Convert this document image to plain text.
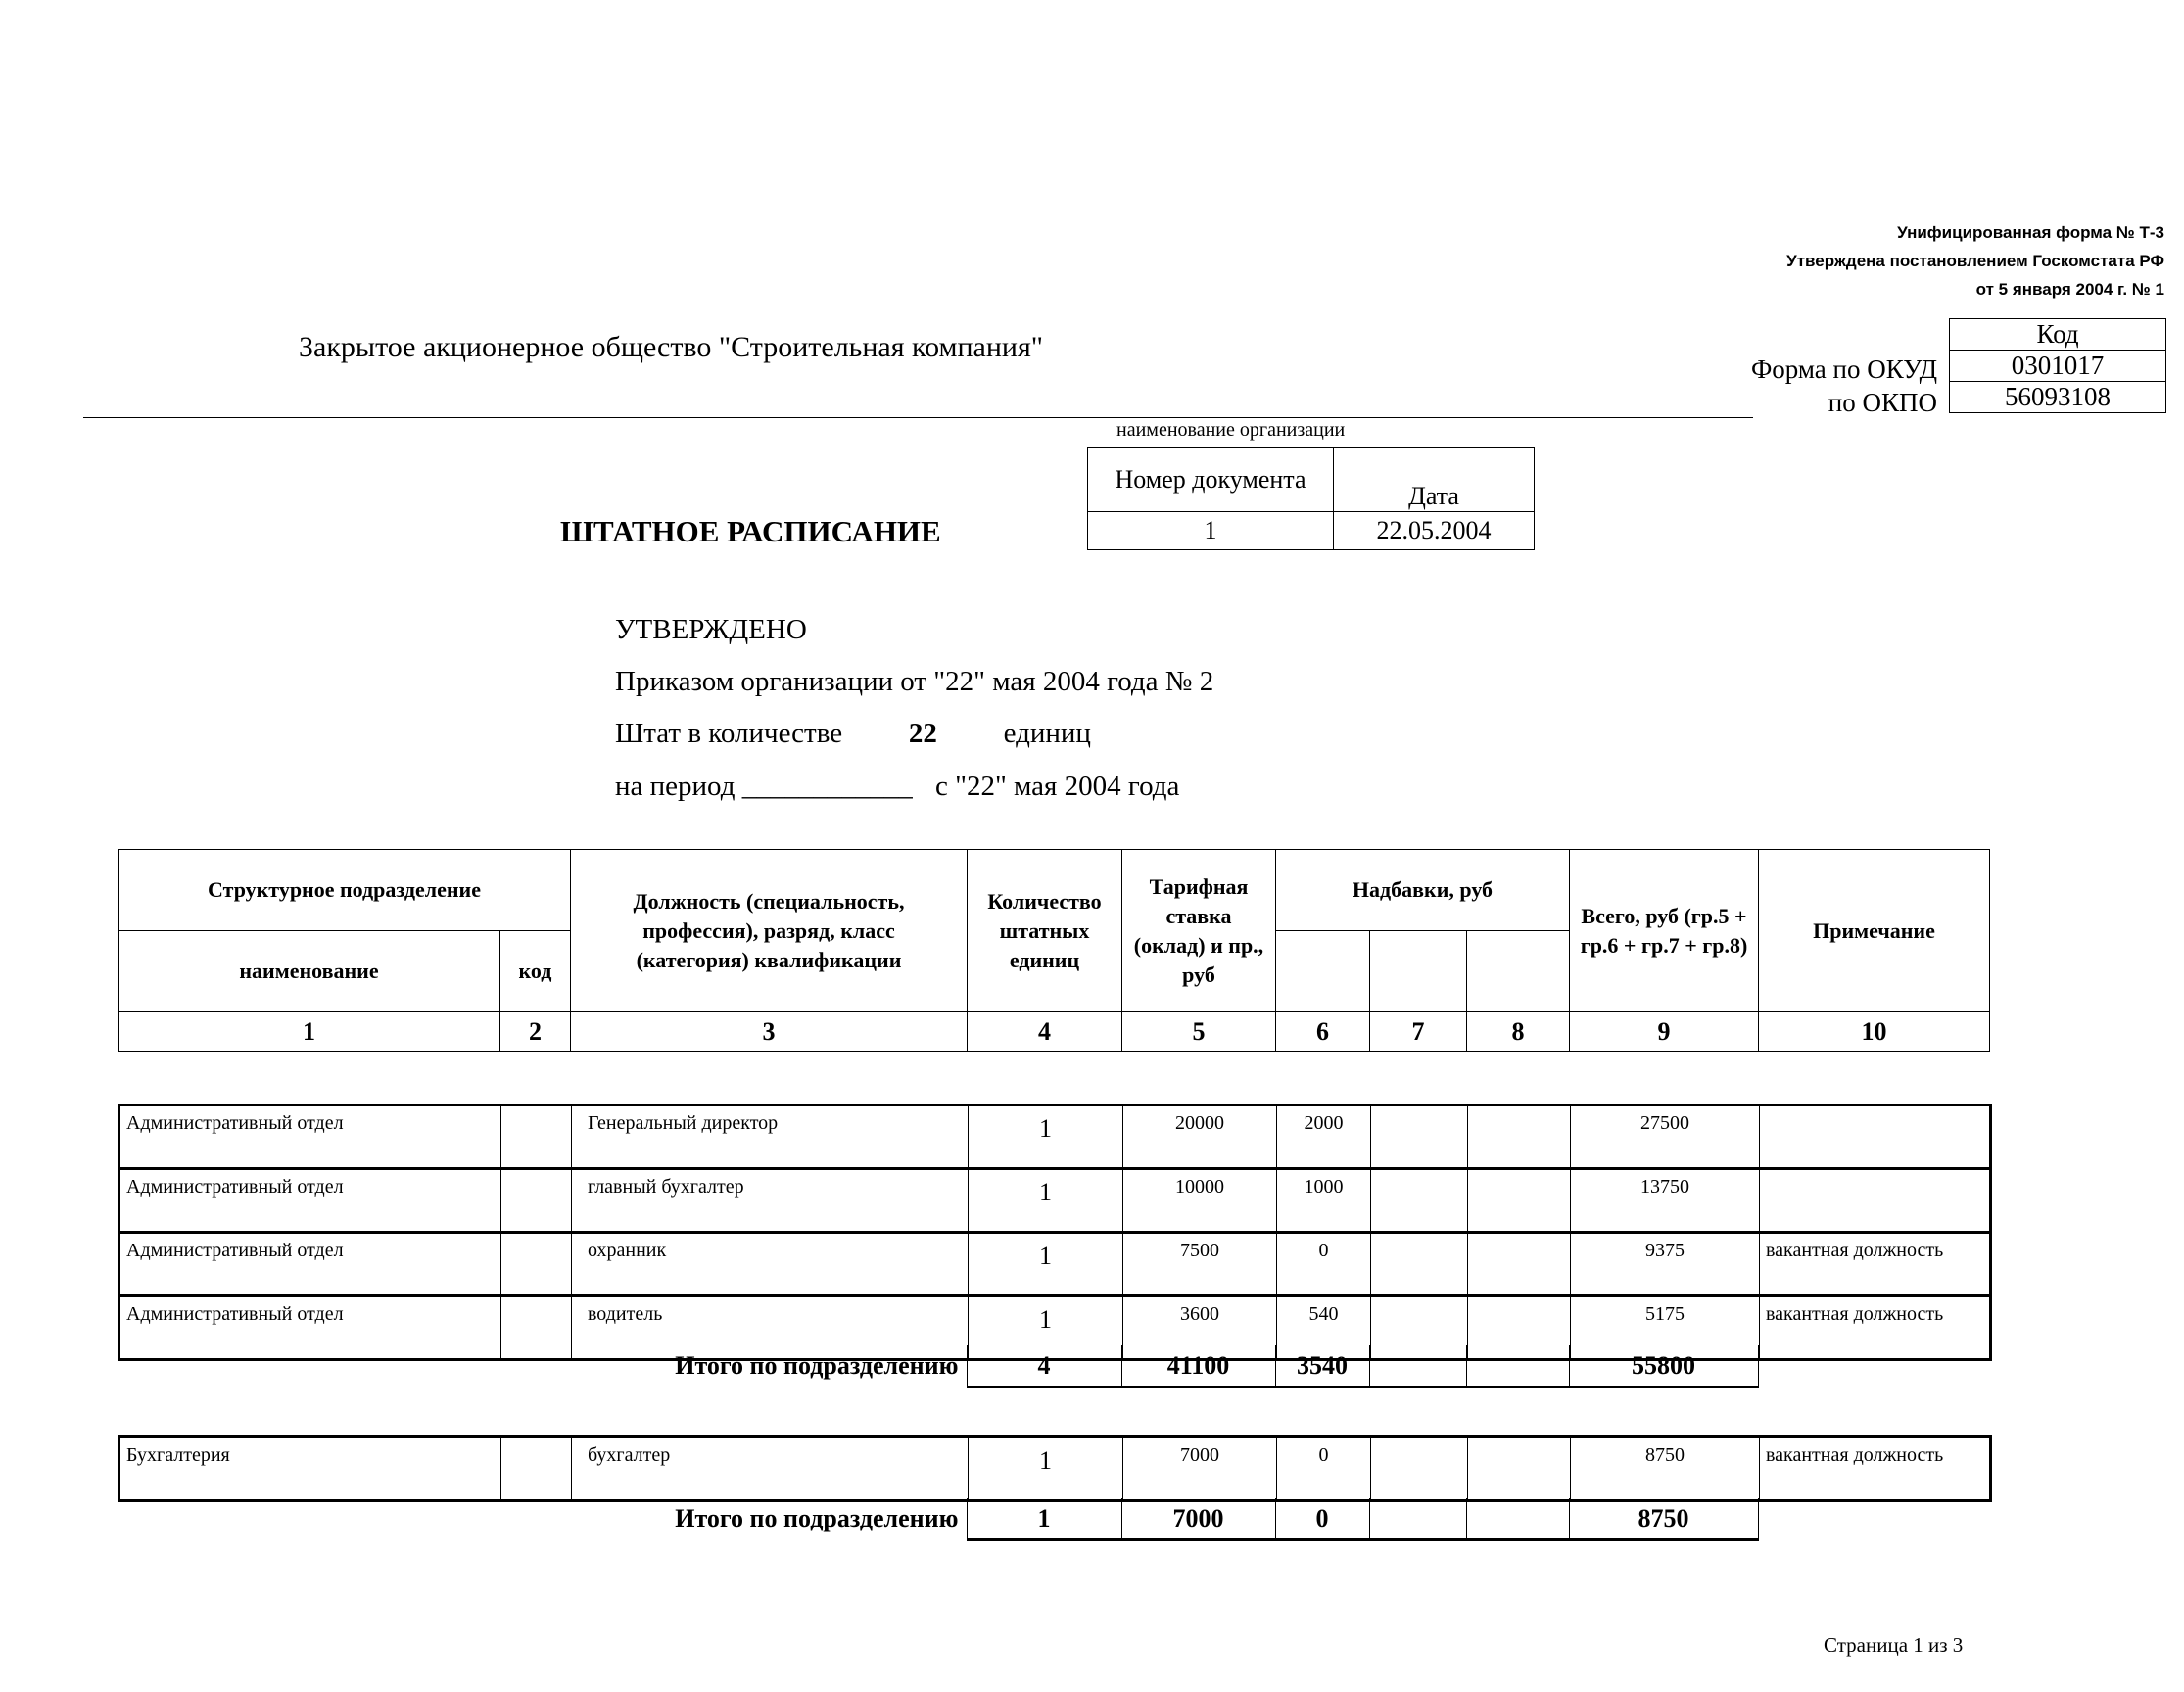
Унифицированная форма № Т-3
Утверждена постановлением Госкомстата РФ
от 5 января 2004 г. № 1
Код
0301017
56093108
Форма по ОКУД
по ОКПО
Закрытое акционерное общество "Строительная компания"
наименование организации
Номер документа	Дата
1	22.05.2004
ШТАТНОЕ РАСПИСАНИЕ
УТВЕРЖДЕНО
Приказом организации от "22" мая 2004 года № 2
Штат в количестве 22 единиц
на период ____________ с "22" мая 2004 года
Структурное подразделение		Должность (специальность, профессия), разряд, класс (категория) квалификации	Количество штатных единиц	Тарифная ставка (оклад) и пр., руб	Надбавки, руб			Всего, руб (гр.5 + гр.6 + гр.7 + гр.8)	Примечание
наименование	код								
1	2	3	4	5	6	7	8	9	10
Административный отдел		Генеральный директор	1	20000	2000			27500	
Административный отдел		главный бухгалтер	1	10000	1000			13750	
Административный отдел		охранник	1	7500	0			9375	вакантная должность
Административный отдел		водитель	1	3600	540			5175	вакантная должность
Итого по подразделению	4	41100	3540			55800
Бухгалтерия		бухгалтер	1	7000	0			8750	вакантная должность
Итого по подразделению	1	7000	0			8750
Страница 1 из 3
